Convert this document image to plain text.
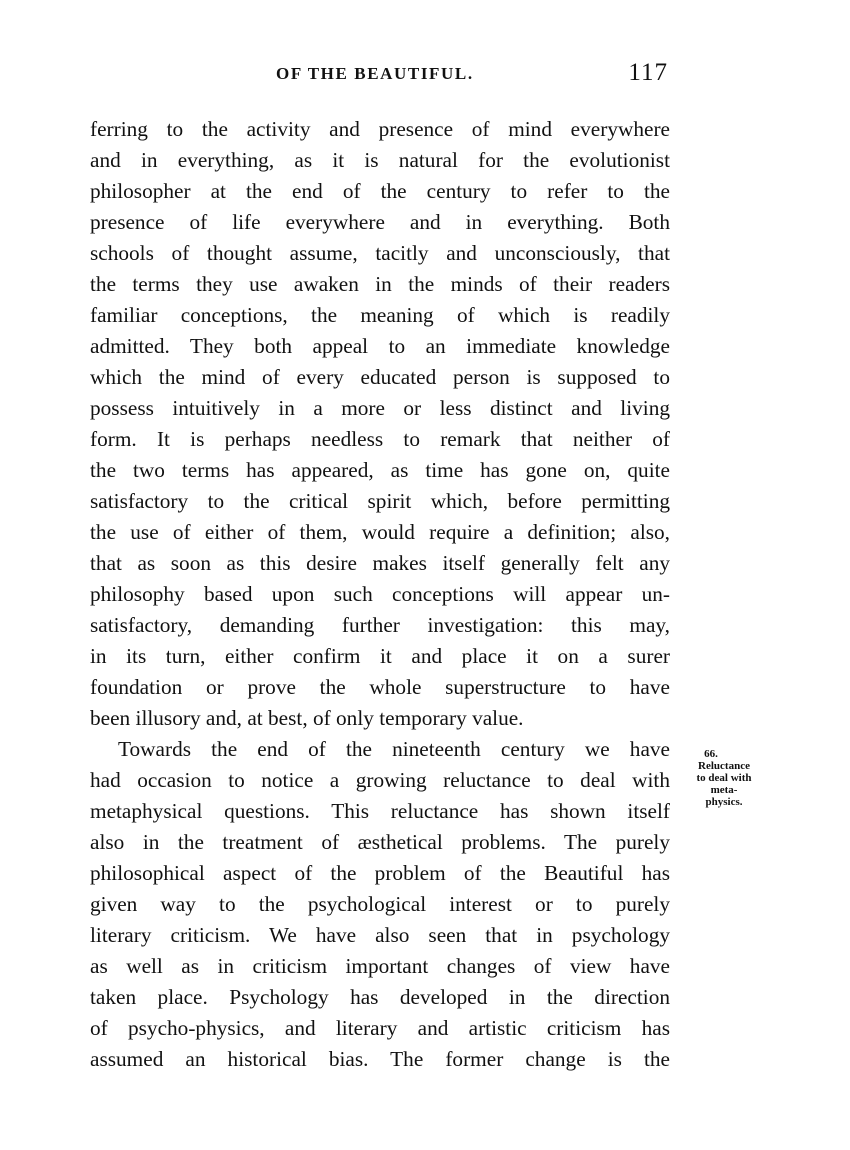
OF THE BEAUTIFUL.	117
ferring to the activity and presence of mind everywhere
and in everything, as it is natural for the evolutionist
philosopher at the end of the century to refer to the
presence of life everywhere and in everything. Both
schools of thought assume, tacitly and unconsciously, that
the terms they use awaken in the minds of their readers
familiar conceptions, the meaning of which is readily
admitted. They both appeal to an immediate knowledge
which the mind of every educated person is supposed to
possess intuitively in a more or less distinct and living
form. It is perhaps needless to remark that neither of
the two terms has appeared, as time has gone on, quite
satisfactory to the critical spirit which, before permitting
the use of either of them, would require a definition; also,
that as soon as this desire makes itself generally felt any
philosophy based upon such conceptions will appear un-
satisfactory, demanding further investigation: this may,
in its turn, either confirm it and place it on a surer
foundation or prove the whole superstructure to have
been illusory and, at best, of only temporary value.
Towards the end of the nineteenth century we have
had occasion to notice a growing reluctance to deal with
metaphysical questions. This reluctance has shown itself
also in the treatment of æsthetical problems. The purely
philosophical aspect of the problem of the Beautiful has
given way to the psychological interest or to purely
literary criticism. We have also seen that in psychology
as well as in criticism important changes of view have
taken place. Psychology has developed in the direction
of psycho-physics, and literary and artistic criticism has
assumed an historical bias. The former change is the
66.
Reluctance
to deal with
meta-
physics.
